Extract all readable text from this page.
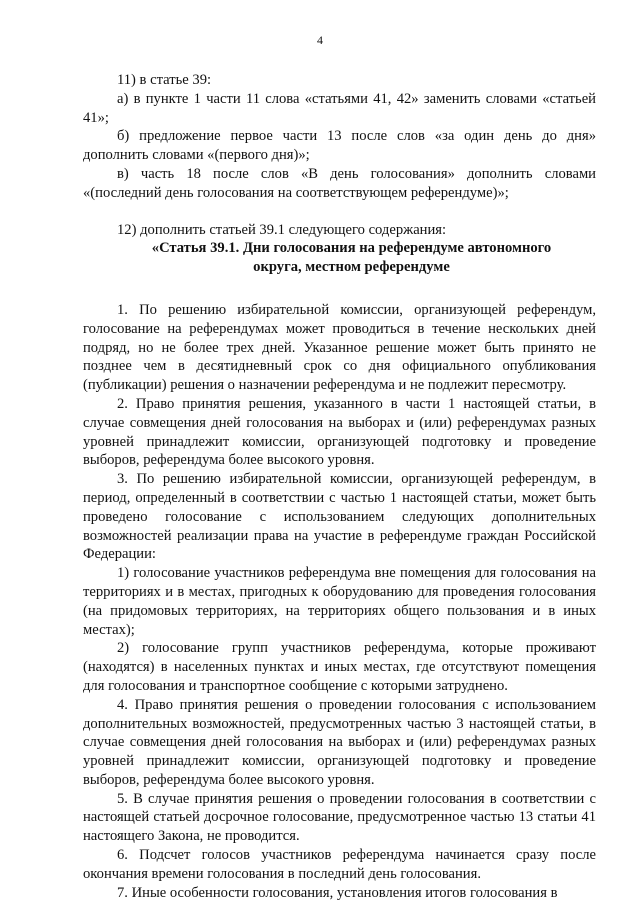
4

11) в статье 39:

а) в пункте 1 части 11 слова «статьями 41, 42» заменить словами «статьей 41»;

б) предложение первое части 13 после слов «за один день до дня» дополнить словами «(первого дня)»;

в) часть 18 после слов «В день голосования» дополнить словами «(последний день голосования на соответствующем референдуме)»;

12) дополнить статьей 39.1 следующего содержания:

«Статья 39.1. Дни голосования на референдуме автономного
округа, местном референдуме

1. По решению избирательной комиссии, организующей референдум, голосование на референдумах может проводиться в течение нескольких дней подряд, но не более трех дней. Указанное решение может быть принято не позднее чем в десятидневный срок со дня официального опубликования (публикации) решения о назначении референдума и не подлежит пересмотру.

2. Право принятия решения, указанного в части 1 настоящей статьи, в случае совмещения дней голосования на выборах и (или) референдумах разных уровней принадлежит комиссии, организующей подготовку и проведение выборов, референдума более высокого уровня.

3. По решению избирательной комиссии, организующей референдум, в период, определенный в соответствии с частью 1 настоящей статьи, может быть проведено голосование с использованием следующих дополнительных возможностей реализации права на участие в референдуме граждан Российской Федерации:

1) голосование участников референдума вне помещения для голосования на территориях и в местах, пригодных к оборудованию для проведения голосования (на придомовых территориях, на территориях общего пользования и в иных местах);

2) голосование групп участников референдума, которые проживают (находятся) в населенных пунктах и иных местах, где отсутствуют помещения для голосования и транспортное сообщение с которыми затруднено.

4. Право принятия решения о проведении голосования с использованием дополнительных возможностей, предусмотренных частью 3 настоящей статьи, в случае совмещения дней голосования на выборах и (или) референдумах разных уровней принадлежит комиссии, организующей подготовку и проведение выборов, референдума более высокого уровня.

5. В случае принятия решения о проведении голосования в соответствии с настоящей статьей досрочное голосование, предусмотренное частью 13 статьи 41 настоящего Закона, не проводится.

6. Подсчет голосов участников референдума начинается сразу после окончания времени голосования в последний день голосования.

7. Иные особенности голосования, установления итогов голосования в
